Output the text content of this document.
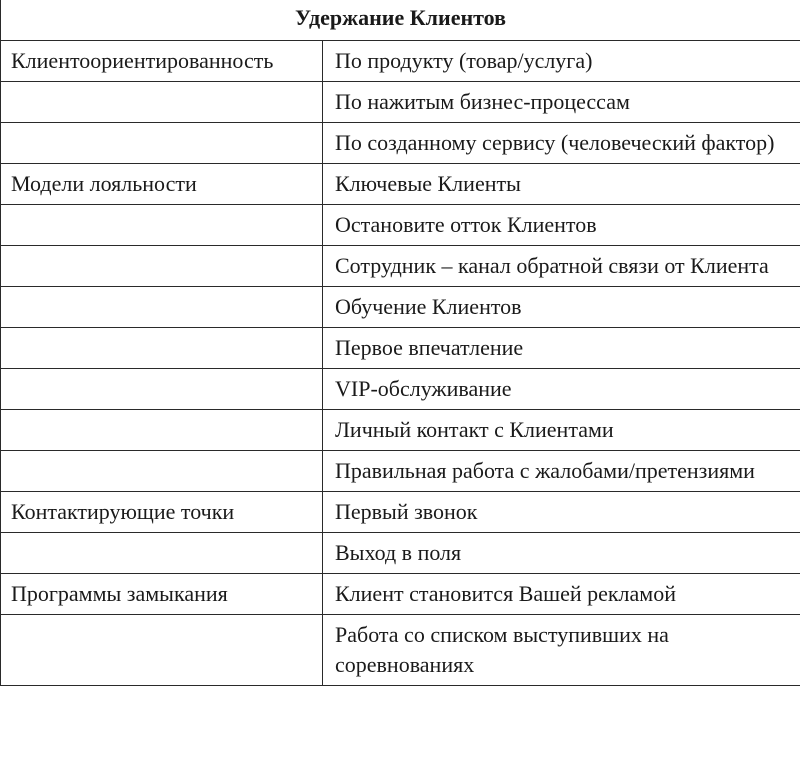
Удержание Клиентов	
Клиентоориентированность	По продукту (товар/услуга)
	По нажитым бизнес-процессам
	По созданному сервису (человеческий фактор)
Модели лояльности	Ключевые Клиенты
	Остановите отток Клиентов
	Сотрудник – канал обратной связи от Клиента
	Обучение Клиентов
	Первое впечатление
	VIP-обслуживание
	Личный контакт с Клиентами
	Правильная работа с жалобами/претензиями
Контактирующие точки	Первый звонок
	Выход в поля
Программы замыкания	Клиент становится Вашей рекламой
	Работа со списком выступивших на соревнованиях
